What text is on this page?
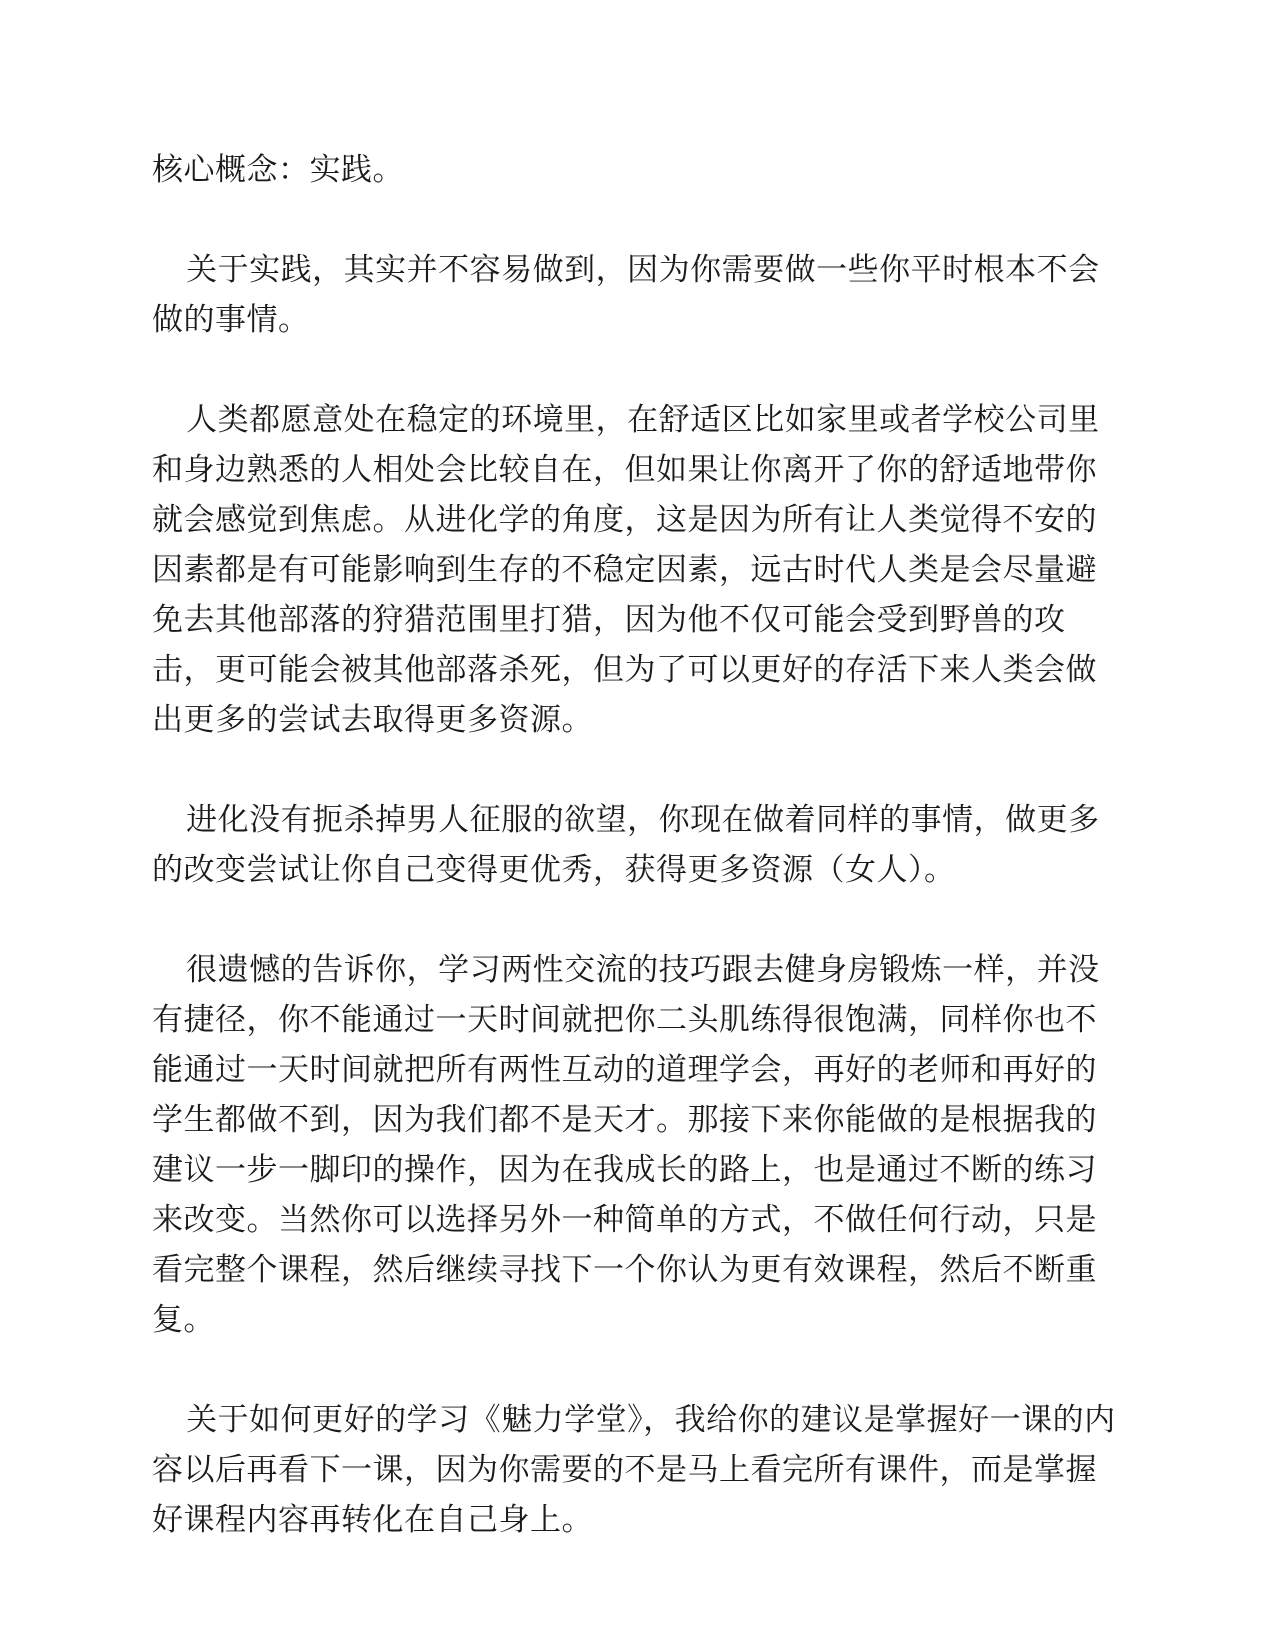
核心概念：实践。

关于实践，其实并不容易做到，因为你需要做一些你平时根本不会做的事情。

人类都愿意处在稳定的环境里，在舒适区比如家里或者学校公司里和身边熟悉的人相处会比较自在，但如果让你离开了你的舒适地带你就会感觉到焦虑。从进化学的角度，这是因为所有让人类觉得不安的因素都是有可能影响到生存的不稳定因素，远古时代人类是会尽量避免去其他部落的狩猎范围里打猎，因为他不仅可能会受到野兽的攻击，更可能会被其他部落杀死，但为了可以更好的存活下来人类会做出更多的尝试去取得更多资源。

进化没有扼杀掉男人征服的欲望，你现在做着同样的事情，做更多的改变尝试让你自己变得更优秀，获得更多资源（女人）。

很遗憾的告诉你，学习两性交流的技巧跟去健身房锻炼一样，并没有捷径，你不能通过一天时间就把你二头肌练得很饱满，同样你也不能通过一天时间就把所有两性互动的道理学会，再好的老师和再好的学生都做不到，因为我们都不是天才。那接下来你能做的是根据我的建议一步一脚印的操作，因为在我成长的路上，也是通过不断的练习来改变。当然你可以选择另外一种简单的方式，不做任何行动，只是看完整个课程，然后继续寻找下一个你认为更有效课程，然后不断重复。

关于如何更好的学习《魅力学堂》，我给你的建议是掌握好一课的内容以后再看下一课，因为你需要的不是马上看完所有课件，而是掌握好课程内容再转化在自己身上。
